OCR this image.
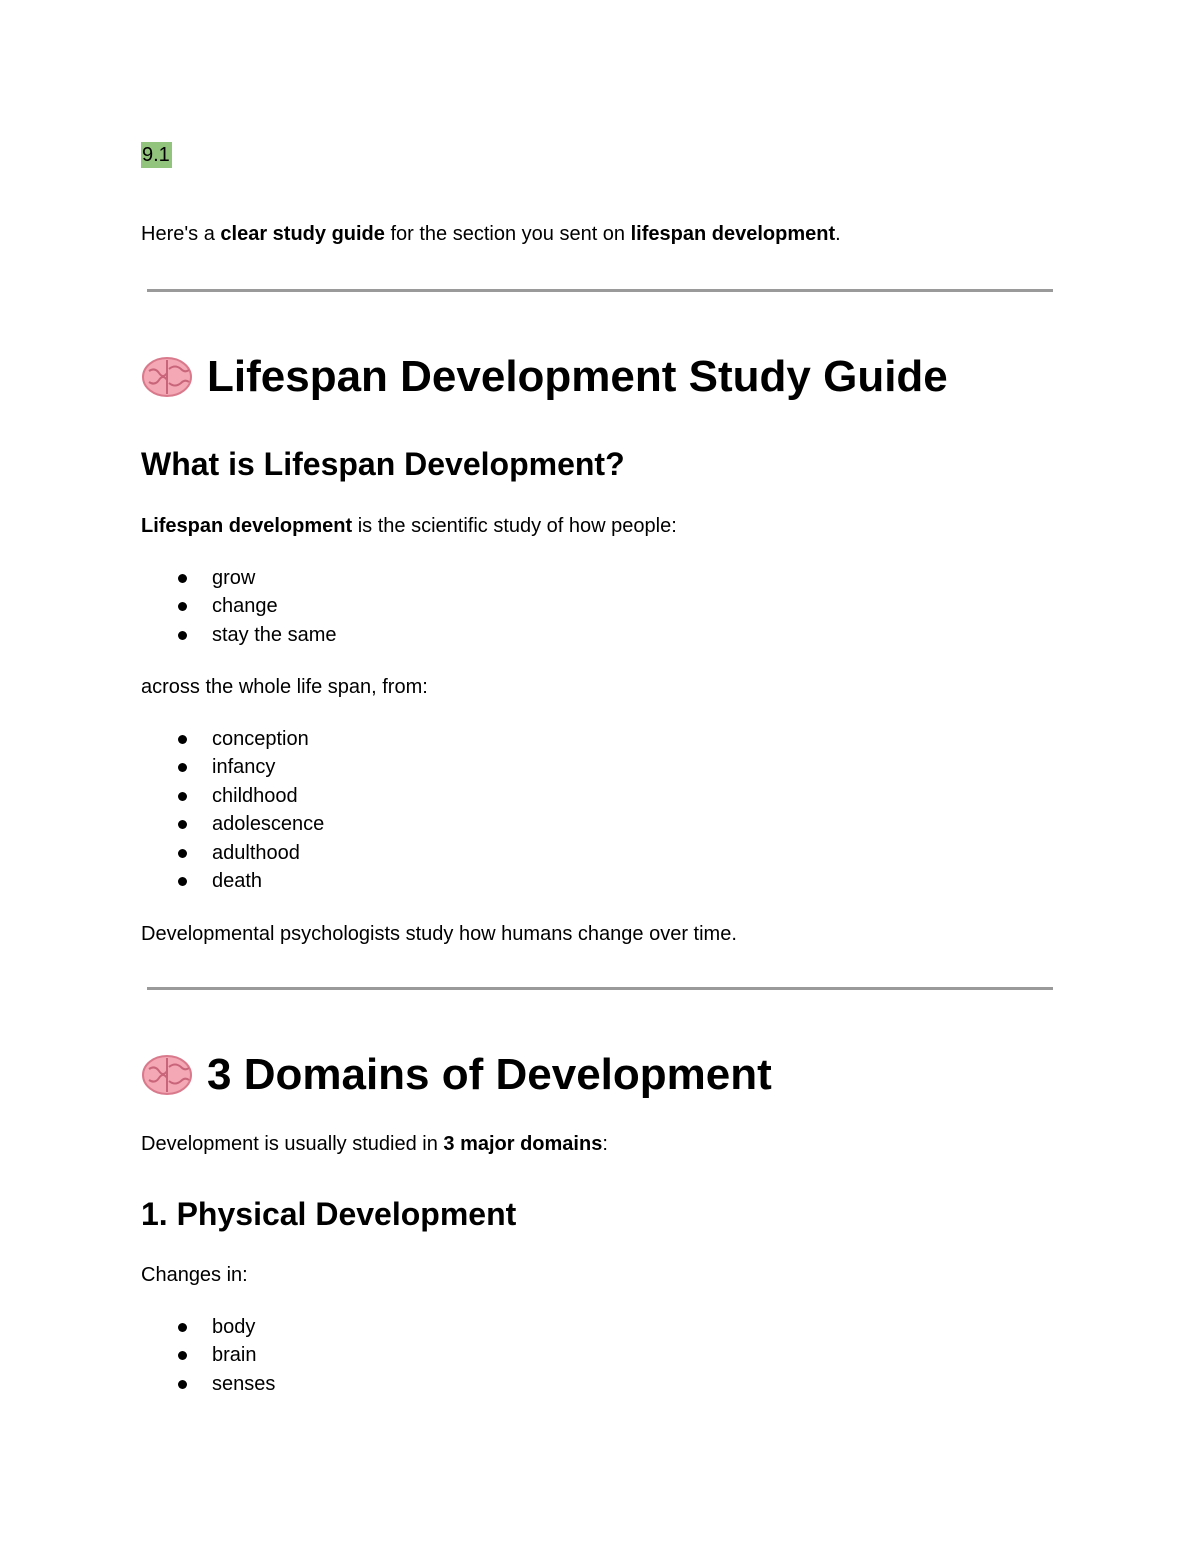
9.1
Here's a clear study guide for the section you sent on lifespan development.
Lifespan Development Study Guide
What is Lifespan Development?
Lifespan development is the scientific study of how people:
grow
change
stay the same
across the whole life span, from:
conception
infancy
childhood
adolescence
adulthood
death
Developmental psychologists study how humans change over time.
3 Domains of Development
Development is usually studied in 3 major domains:
1. Physical Development
Changes in:
body
brain
senses
